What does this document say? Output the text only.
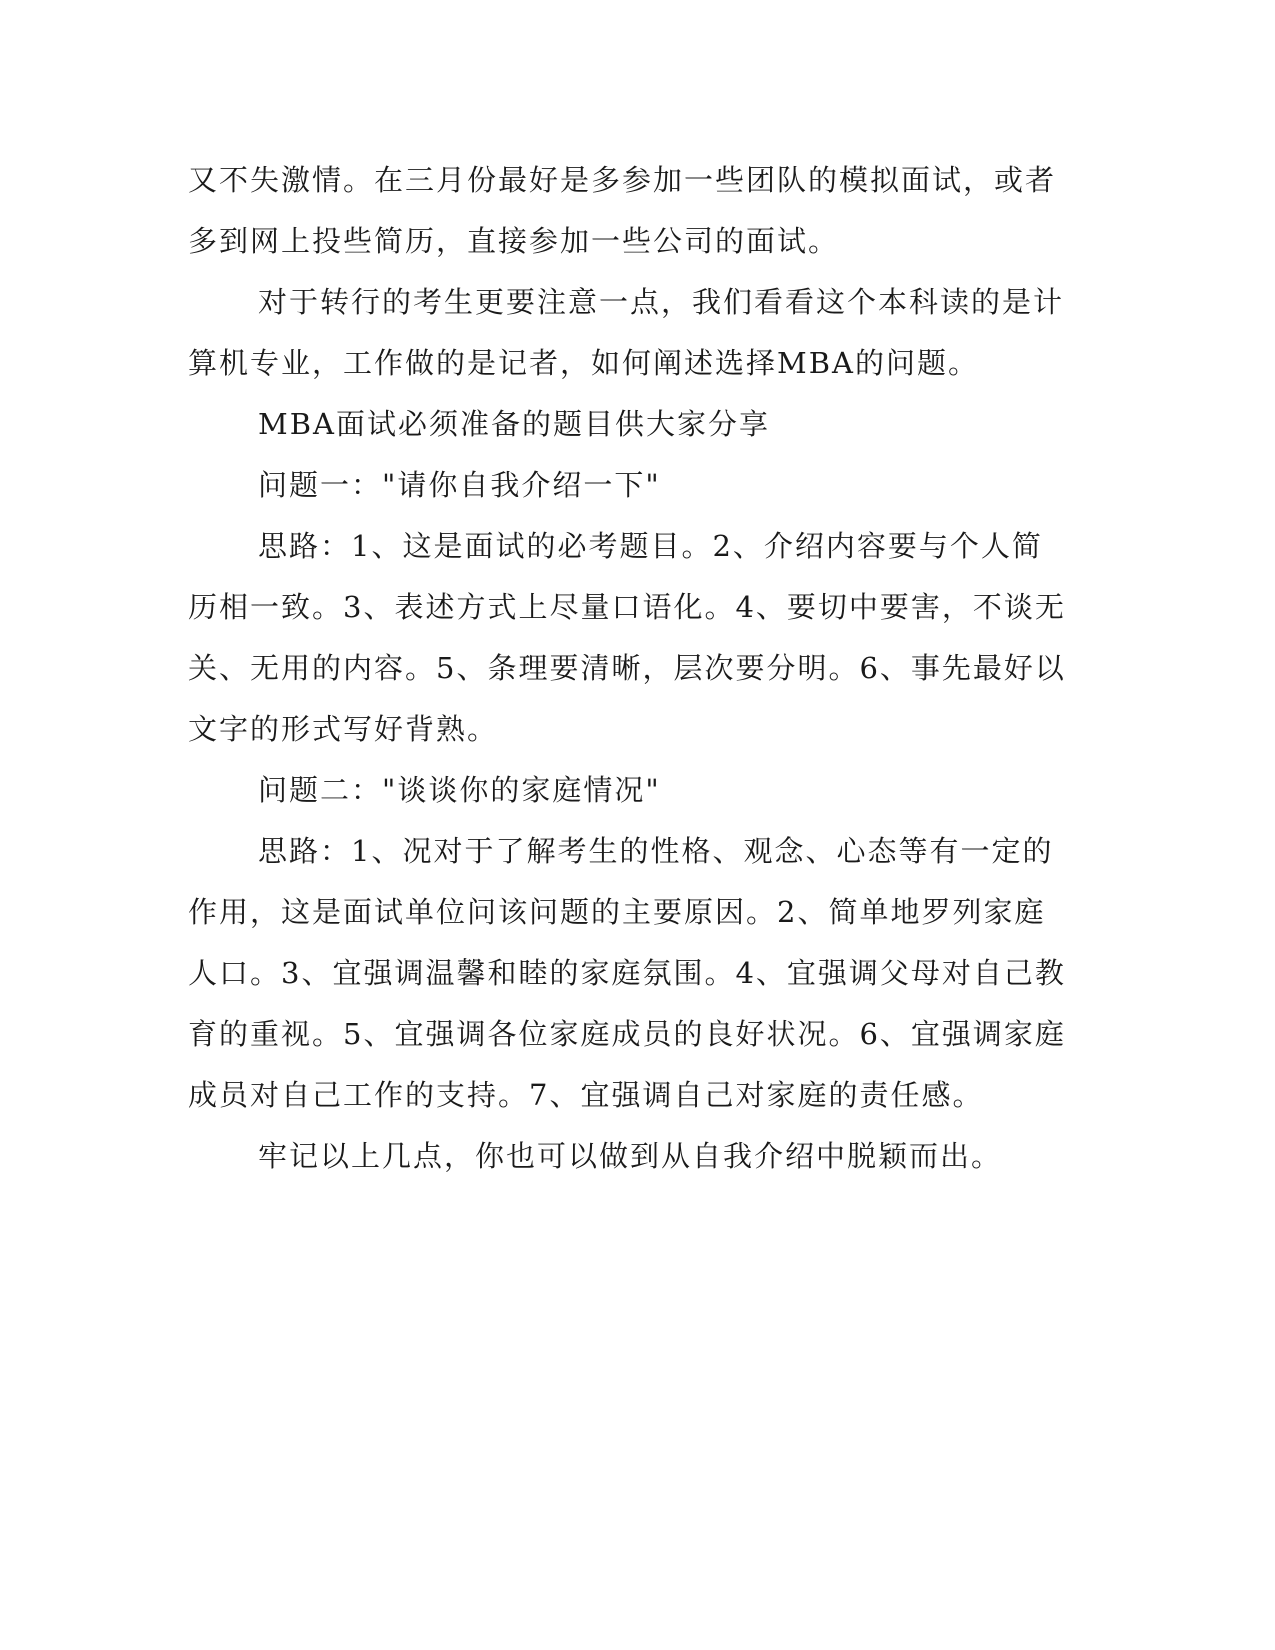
又不失激情。在三月份最好是多参加一些团队的模拟面试，或者多到网上投些简历，直接参加一些公司的面试。

对于转行的考生更要注意一点，我们看看这个本科读的是计算机专业，工作做的是记者，如何阐述选择MBA的问题。

MBA面试必须准备的题目供大家分享

问题一："请你自我介绍一下"

思路：1、这是面试的必考题目。2、介绍内容要与个人简历相一致。3、表述方式上尽量口语化。4、要切中要害，不谈无关、无用的内容。5、条理要清晰，层次要分明。6、事先最好以文字的形式写好背熟。

问题二："谈谈你的家庭情况"

思路：1、况对于了解考生的性格、观念、心态等有一定的作用，这是面试单位问该问题的主要原因。2、简单地罗列家庭人口。3、宜强调温馨和睦的家庭氛围。4、宜强调父母对自己教育的重视。5、宜强调各位家庭成员的良好状况。6、宜强调家庭成员对自己工作的支持。7、宜强调自己对家庭的责任感。

牢记以上几点，你也可以做到从自我介绍中脱颖而出。
